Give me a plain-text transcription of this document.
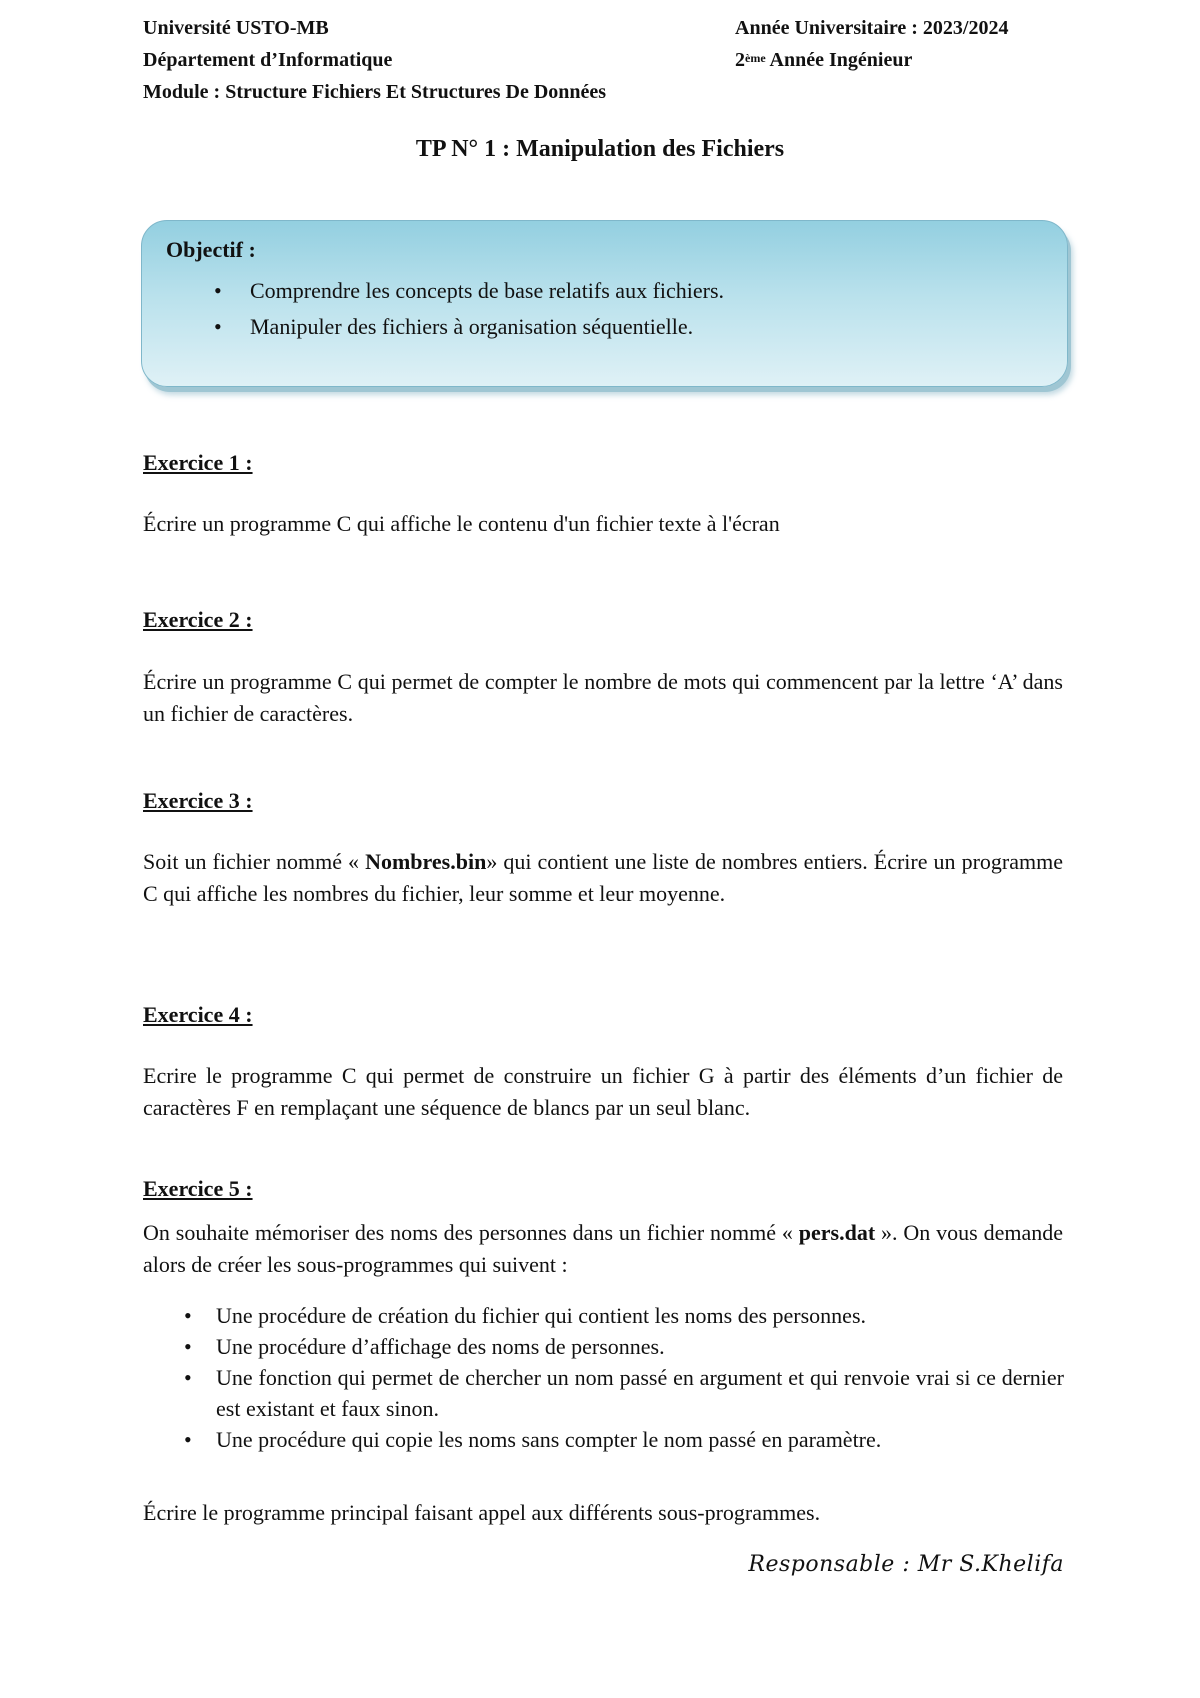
Université USTO-MB
Département d’Informatique
Module : Structure Fichiers Et Structures De Données
Année Universitaire : 2023/2024
2ème Année Ingénieur
TP N° 1 : Manipulation des Fichiers
Objectif :
• Comprendre les concepts de base relatifs aux fichiers.
• Manipuler des fichiers à organisation séquentielle.
Exercice 1 :
Écrire un programme C qui affiche le contenu d'un fichier texte à l'écran
Exercice 2 :
Écrire un programme C qui permet de compter le nombre de mots qui commencent par la lettre ‘A’ dans un fichier de caractères.
Exercice 3 :
Soit un fichier nommé « Nombres.bin» qui contient une liste de nombres entiers. Écrire un programme C qui affiche les nombres du fichier, leur somme et leur moyenne.
Exercice 4 :
Ecrire le programme C qui permet de construire un fichier G à partir des éléments d’un fichier de caractères F en remplaçant une séquence de blancs par un seul blanc.
Exercice 5 :
On souhaite mémoriser des noms des personnes dans un fichier nommé « pers.dat ». On vous demande alors de créer les sous-programmes qui suivent :
• Une procédure de création du fichier qui contient les noms des personnes.
• Une procédure d’affichage des noms de personnes.
• Une fonction qui permet de chercher un nom passé en argument et qui renvoie vrai si ce dernier est existant et faux sinon.
• Une procédure qui copie les noms sans compter le nom passé en paramètre.
Écrire le programme principal faisant appel aux différents sous-programmes.
Responsable : Mr S.Khelifa
